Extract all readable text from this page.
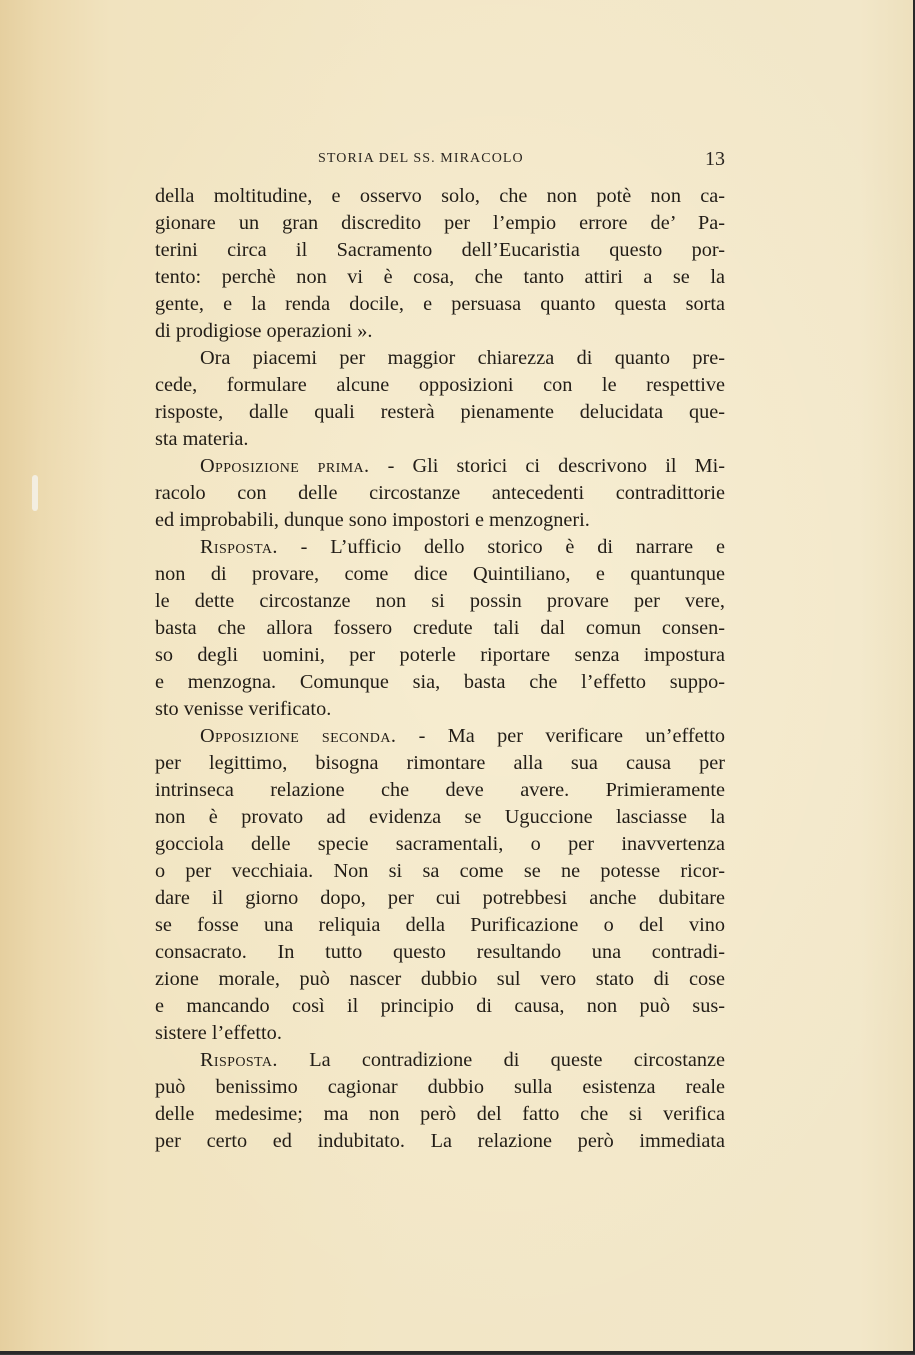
STORIA DEL SS. MIRACOLO	13
della moltitudine, e osservo solo, che non potè non ca-
gionare un gran discredito per l’empio errore de’ Pa-
terini circa il Sacramento dell’Eucaristia questo por-
tento: perchè non vi è cosa, che tanto attiri a se la
gente, e la renda docile, e persuasa quanto questa sorta
di prodigiose operazioni ».
Ora piacemi per maggior chiarezza di quanto pre-
cede, formulare alcune opposizioni con le respettive
risposte, dalle quali resterà pienamente delucidata que-
sta materia.
Opposizione prima. - Gli storici ci descrivono il Mi-
racolo con delle circostanze antecedenti contradittorie
ed improbabili, dunque sono impostori e menzogneri.
Risposta. - L’ufficio dello storico è di narrare e
non di provare, come dice Quintiliano, e quantunque
le dette circostanze non si possin provare per vere,
basta che allora fossero credute tali dal comun consen-
so degli uomini, per poterle riportare senza impostura
e menzogna. Comunque sia, basta che l’effetto suppo-
sto venisse verificato.
Opposizione seconda. - Ma per verificare un’effetto
per legittimo, bisogna rimontare alla sua causa per
intrinseca relazione che deve avere. Primieramente
non è provato ad evidenza se Uguccione lasciasse la
gocciola delle specie sacramentali, o per inavvertenza
o per vecchiaia. Non si sa come se ne potesse ricor-
dare il giorno dopo, per cui potrebbesi anche dubitare
se fosse una reliquia della Purificazione o del vino
consacrato. In tutto questo resultando una contradi-
zione morale, può nascer dubbio sul vero stato di cose
e mancando così il principio di causa, non può sus-
sistere l’effetto.
Risposta. La contradizione di queste circostanze
può benissimo cagionar dubbio sulla esistenza reale
delle medesime; ma non però del fatto che si verifica
per certo ed indubitato. La relazione però immediata
